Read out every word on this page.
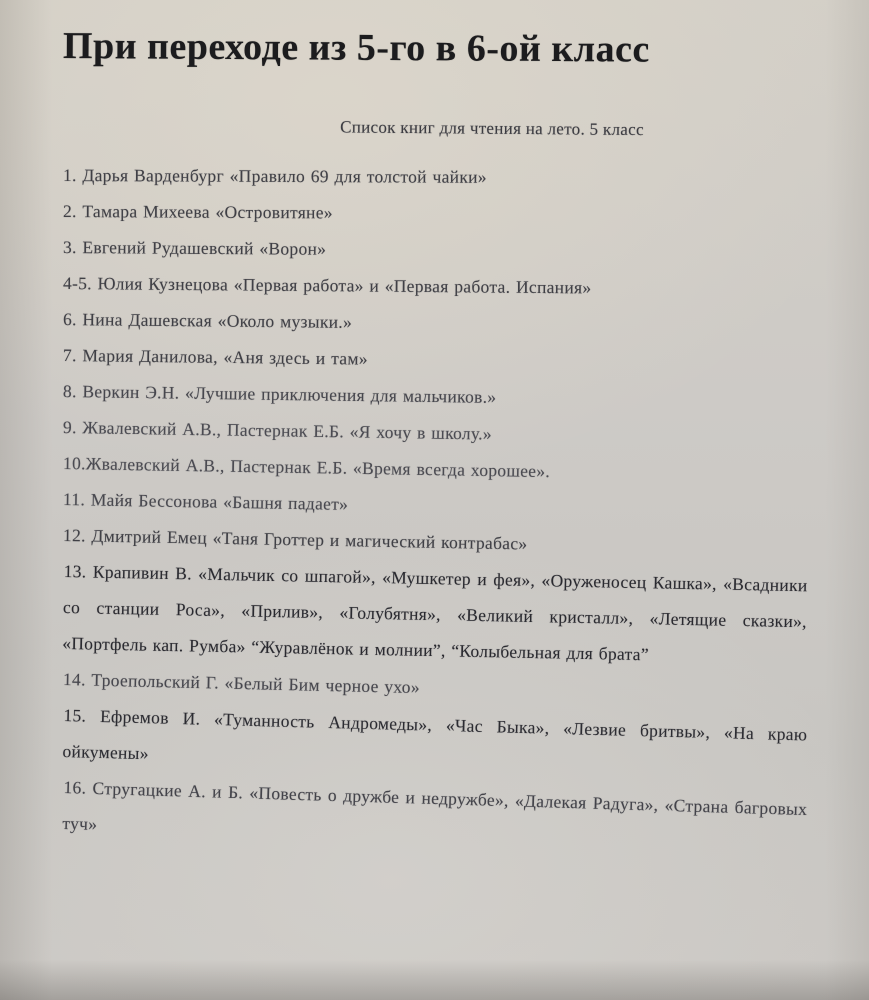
При переходе из 5-го в 6-ой класс

Список книг для чтения на лето. 5 класс

1. Дарья Варденбург «Правило 69 для толстой чайки»

2. Тамара Михеева «Островитяне»

3. Евгений Рудашевский «Ворон»

4-5. Юлия Кузнецова «Первая работа» и «Первая работа. Испания»

6. Нина Дашевская «Около музыки.»

7. Мария Данилова, «Аня здесь и там»

8. Веркин Э.Н. «Лучшие приключения для мальчиков.»

9. Жвалевский А.В., Пастернак Е.Б. «Я хочу в школу.»

10.Жвалевский А.В., Пастернак Е.Б. «Время всегда хорошее».

11. Майя Бессонова «Башня падает»

12. Дмитрий Емец «Таня Гроттер и магический контрабас»

13. Крапивин В. «Мальчик со шпагой», «Мушкетер и фея», «Оруженосец Кашка», «Всадники со станции Роса», «Прилив», «Голубятня», «Великий кристалл», «Летящие сказки», «Портфель кап. Румба» “Журавлёнок и молнии”, “Колыбельная для брата”

14. Троепольский Г. «Белый Бим черное ухо»

15. Ефремов И. «Туманность Андромеды», «Час Быка», «Лезвие бритвы», «На краю ойкумены»

16. Стругацкие А. и Б. «Повесть о дружбе и недружбе», «Далекая Радуга», «Страна багровых туч»
